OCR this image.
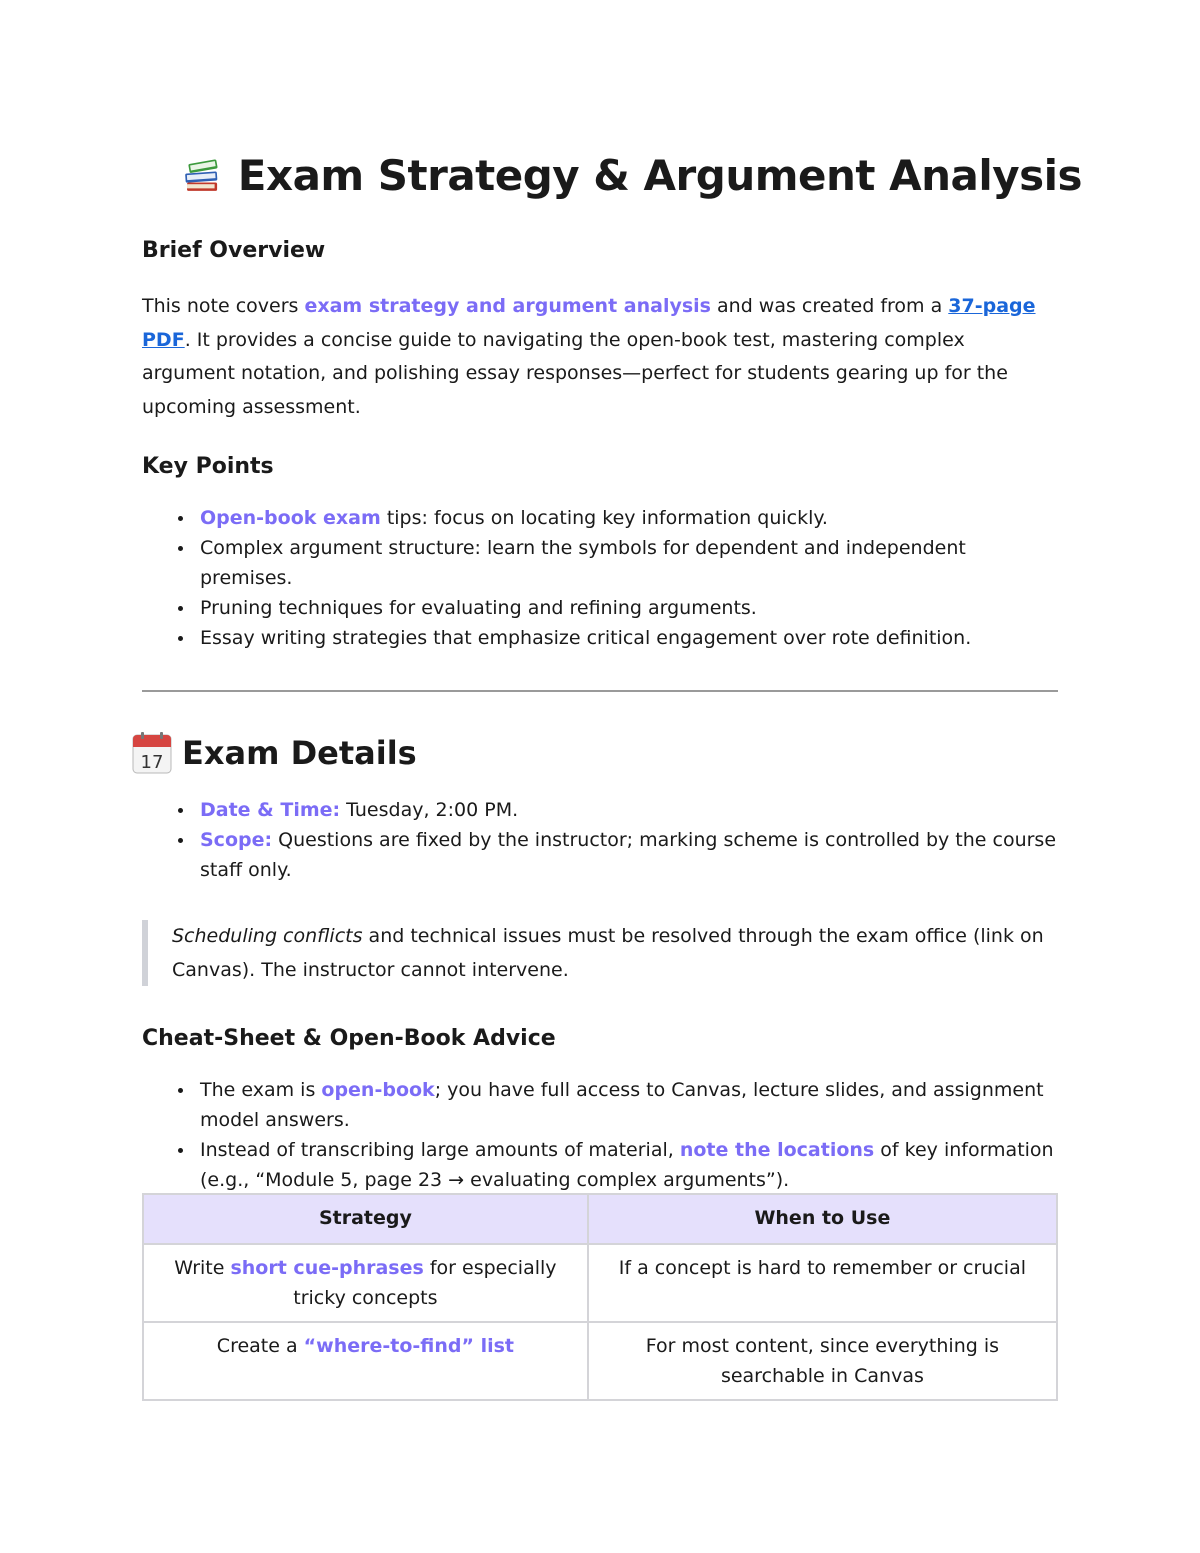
Exam Strategy & Argument Analysis
Brief Overview

This note covers exam strategy and argument analysis and was created from a 37-page PDF. It provides a concise guide to navigating the open-book test, mastering complex argument notation, and polishing essay responses—perfect for students gearing up for the upcoming assessment.

Key Points
Open-book exam tips: focus on locating key information quickly.
Complex argument structure: learn the symbols for dependent and independent premises.
Pruning techniques for evaluating and refining arguments.
Essay writing strategies that emphasize critical engagement over rote definition.
17 Exam Details
Date & Time: Tuesday, 2:00 PM.
Scope: Questions are fixed by the instructor; marking scheme is controlled by the course staff only.

Scheduling conflicts and technical issues must be resolved through the exam office (link on Canvas). The instructor cannot intervene.

Cheat-Sheet & Open-Book Advice
The exam is open-book; you have full access to Canvas, lecture slides, and assignment model answers.
Instead of transcribing large amounts of material, note the locations of key information (e.g., “Module 5, page 23 → evaluating complex arguments”).
Strategy	When to Use
Write short cue-phrases for especially tricky concepts	If a concept is hard to remember or crucial
Create a “where-to-find” list	For most content, since everything is searchable in Canvas
